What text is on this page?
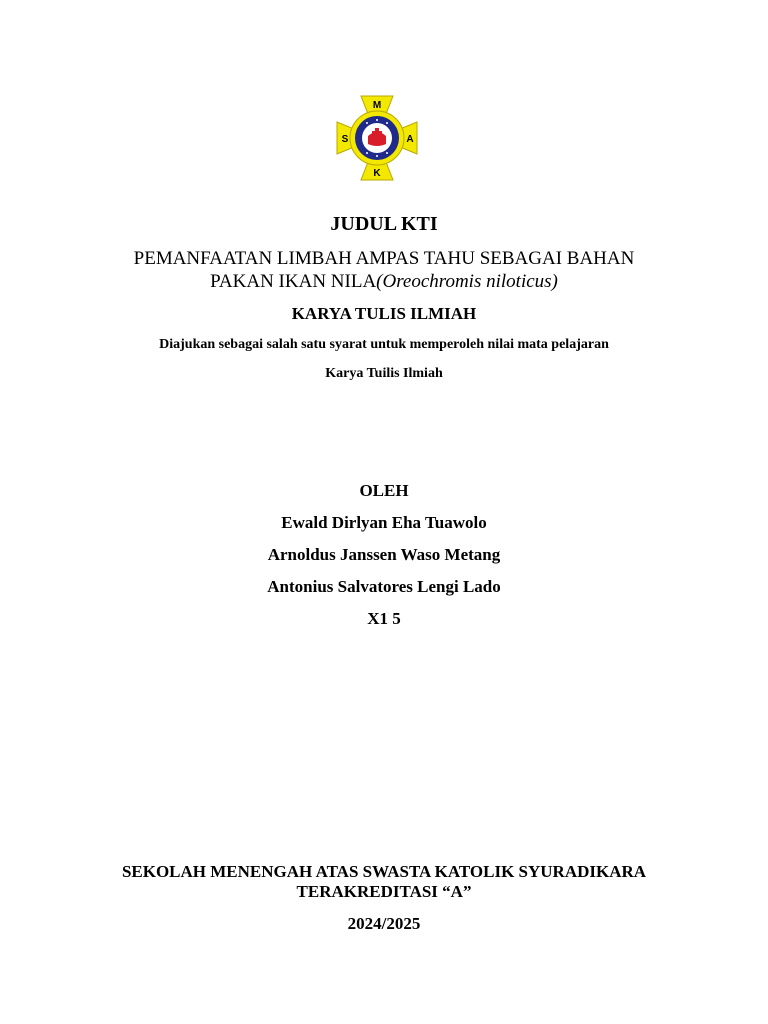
M
S	A
K
JUDUL KTI
PEMANFAATAN LIMBAH AMPAS TAHU SEBAGAI BAHAN
PAKAN IKAN NILA(Oreochromis niloticus)
KARYA TULIS ILMIAH
Diajukan sebagai salah satu syarat untuk memperoleh nilai mata pelajaran
Karya Tuilis Ilmiah
OLEH
Ewald Dirlyan Eha Tuawolo
Arnoldus Janssen Waso Metang
Antonius Salvatores Lengi Lado
X1 5
SEKOLAH MENENGAH ATAS SWASTA KATOLIK SYURADIKARA
TERAKREDITASI “A”
2024/2025
